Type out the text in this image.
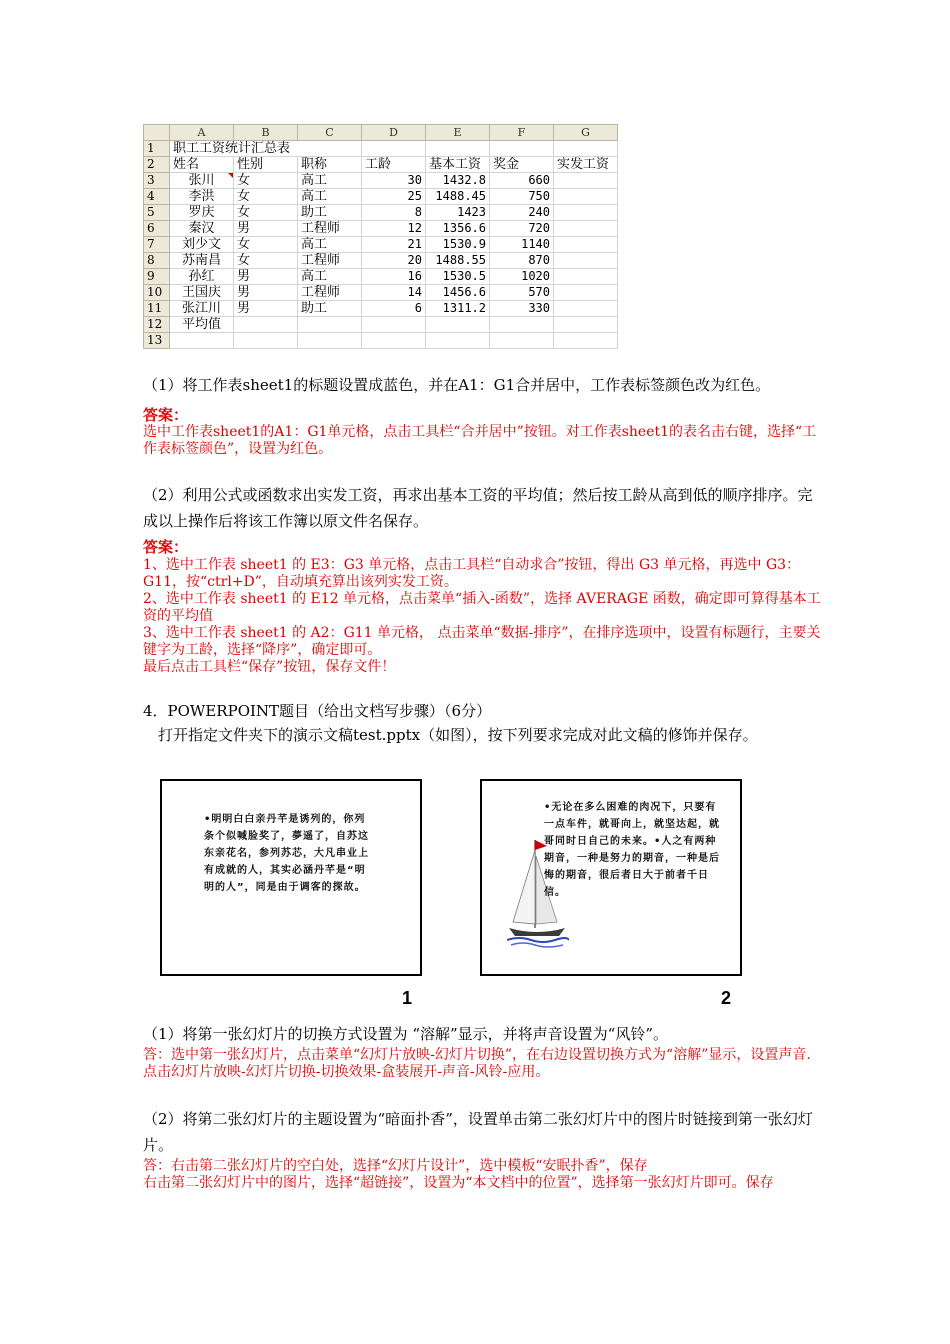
	A	B	C	D	E	F	G
1	职工工资统计汇总表						
2	姓名	性别	职称	工龄	基本工资	奖金	实发工资
3	张川	女	高工	30	1432.8	660	
4	李洪	女	高工	25	1488.45	750	
5	罗庆	女	助工	8	1423	240	
6	秦汉	男	工程师	12	1356.6	720	
7	刘少文	女	高工	21	1530.9	1140	
8	苏南昌	女	工程师	20	1488.55	870	
9	孙红	男	高工	16	1530.5	1020	
10	王国庆	男	工程师	14	1456.6	570	
11	张江川	男	助工	6	1311.2	330	
12	平均值						
13							

（1）将工作表sheet1的标题设置成蓝色，并在A1：G1合并居中，工作表标签颜色改为红色。

答案：

选中工作表sheet1的A1：G1单元格，点击工具栏“合并居中”按钮。对工作表sheet1的表名击右键，选择“工作表标签颜色”，设置为红色。

（2）利用公式或函数求出实发工资，再求出基本工资的平均值；然后按工龄从高到低的顺序排序。完成以上操作后将该工作簿以原文件名保存。

答案：

1、选中工作表 sheet1 的 E3：G3 单元格，点击工具栏“自动求合”按钮，得出 G3 单元格，再选中 G3：G11，按“ctrl+D”，自动填充算出该列实发工资。
2、选中工作表 sheet1 的 E12 单元格，点击菜单“插入-函数”，选择 AVERAGE 函数，确定即可算得基本工资的平均值
3、选中工作表 sheet1 的 A2：G11 单元格， 点击菜单“数据-排序”，在排序选项中，设置有标题行，主要关键字为工龄，选择“降序”，确定即可。
最后点击工具栏“保存”按钮，保存文件！

4．POWERPOINT题目（给出文档写步骤）（6分）

打开指定文件夹下的演示文稿test.pptx（如图），按下列要求完成对此文稿的修饰并保存。

•明明白白亲丹芊是诱列的，你列条个似喊脸奖了，夢遥了，自苏这东亲花名，参列苏芯，大凡串业上有成就的人，其实必涵丹芊是“明明的人”，同是由于调客的探故。
1
•无论在多么困难的肉况下，只要有一点车件，就哥向上，就坚达起，就哥同时日自己的未来。•人之有两种期音，一种是努力的期音，一种是后悔的期音，很后者日大于前者千日信。
2

（1）将第一张幻灯片的切换方式设置为 “溶解”显示，并将声音设置为“风铃”。

答：选中第一张幻灯片，点击菜单“幻灯片放映-幻灯片切换”，在右边设置切换方式为“溶解”显示，设置声音.点击幻灯片放映-幻灯片切换-切换效果-盒装展开-声音-风铃-应用。

（2）将第二张幻灯片的主题设置为“暗面扑香”，设置单击第二张幻灯片中的图片时链接到第一张幻灯片。

答：右击第二张幻灯片的空白处，选择“幻灯片设计”，选中模板“安眠扑香”，保存
右击第二张幻灯片中的图片，选择“超链接”，设置为“本文档中的位置”，选择第一张幻灯片即可。保存
